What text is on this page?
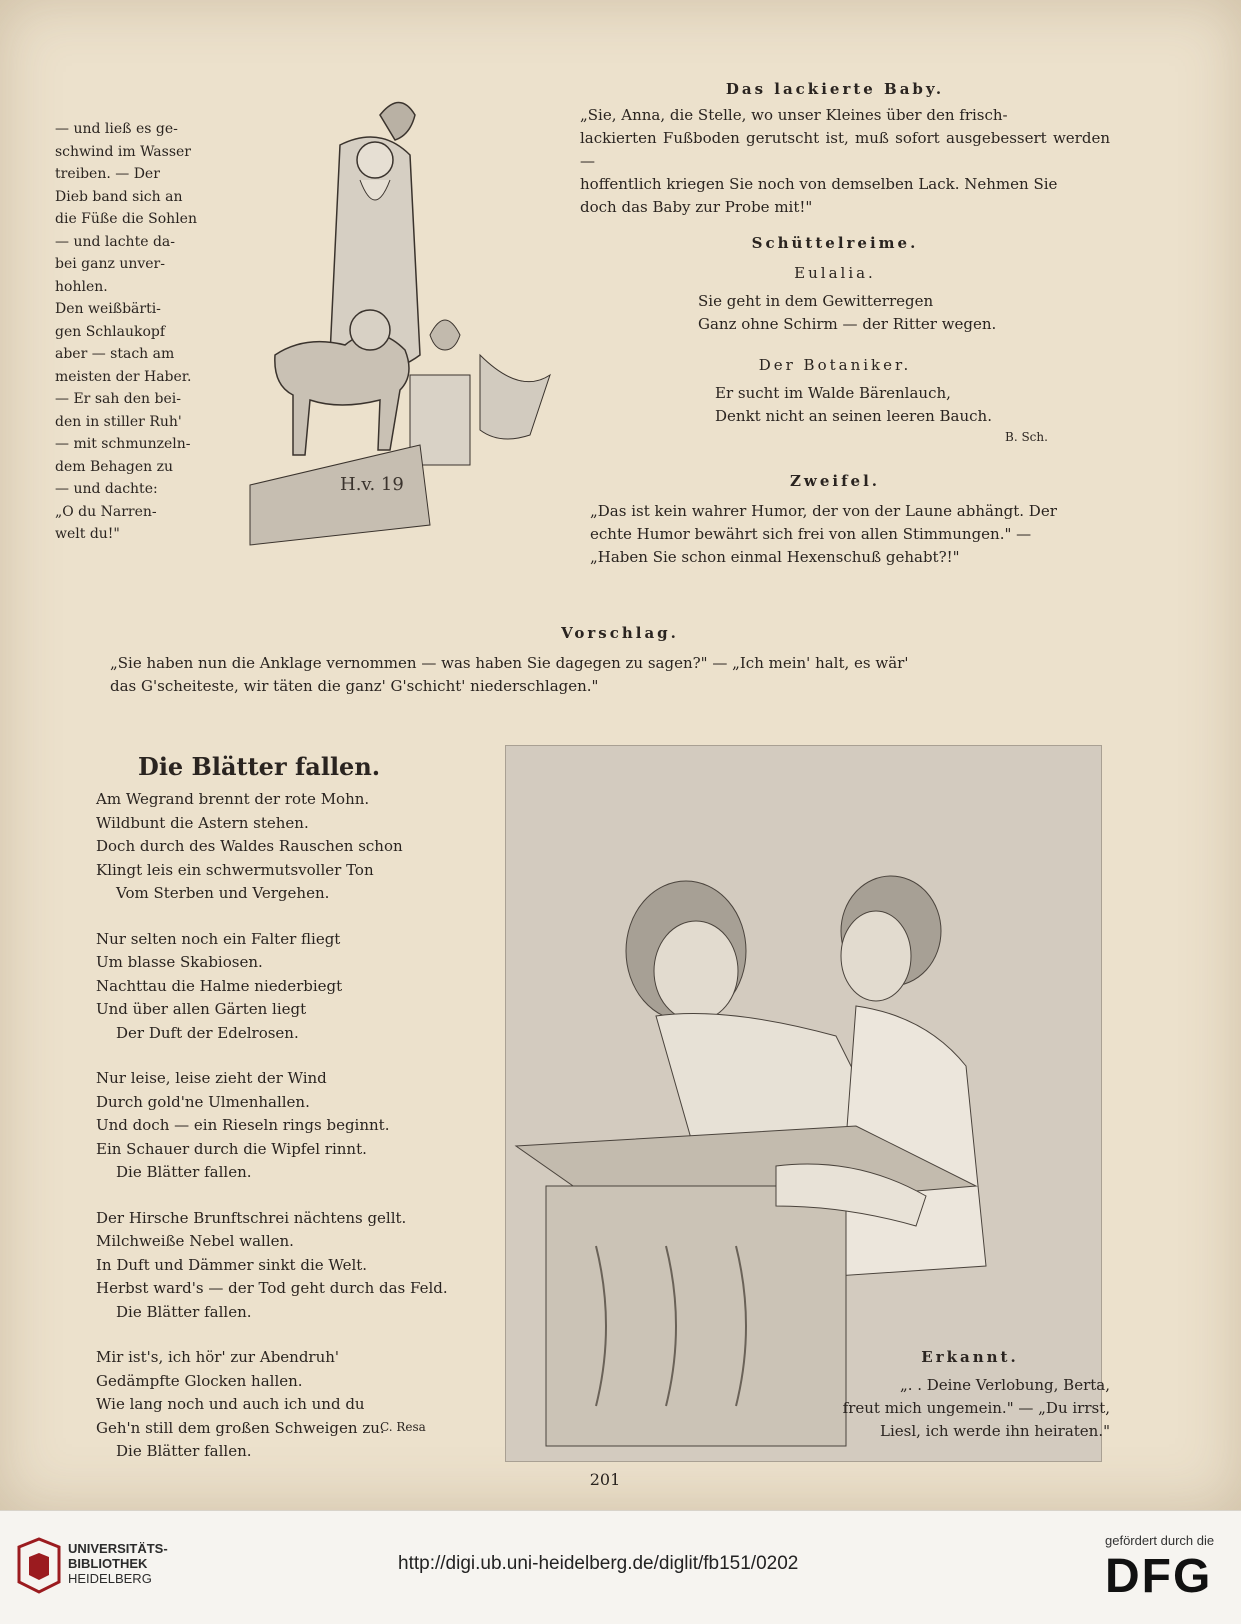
— und ließ es ge-
schwind im Wasser
treiben. — Der
Dieb band sich an
die Füße die Sohlen
— und lachte da-
bei ganz unver-
hohlen.
Den weißbärti-
gen Schlaukopf
aber — stach am
meisten der Haber.
— Er sah den bei-
den in stiller Ruh'
— mit schmunzeln-
dem Behagen zu
— und dachte:
„O du Narren-
welt du!"
H.v. 19
Das lackierte Baby.
„Sie, Anna, die Stelle, wo unser Kleines über den frisch-
lackierten Fußboden gerutscht ist, muß sofort ausgebessert werden —
hoffentlich kriegen Sie noch von demselben Lack. Nehmen Sie
doch das Baby zur Probe mit!"
Schüttelreime.
Eulalia.
Sie geht in dem Gewitterregen
Ganz ohne Schirm — der Ritter wegen.
Der Botaniker.
Er sucht im Walde Bärenlauch,
Denkt nicht an seinen leeren Bauch.
B. Sch.
Zweifel.
„Das ist kein wahrer Humor, der von der Laune abhängt. Der
echte Humor bewährt sich frei von allen Stimmungen." —
„Haben Sie schon einmal Hexenschuß gehabt?!"
Vorschlag.
„Sie haben nun die Anklage vernommen — was haben Sie dagegen zu sagen?" — „Ich mein' halt, es wär'
das G'scheiteste, wir täten die ganz' G'schicht' niederschlagen."
Die Blätter fallen.
Am Wegrand brennt der rote Mohn.
Wildbunt die Astern stehen.
Doch durch des Waldes Rauschen schon
Klingt leis ein schwermutsvoller Ton
Vom Sterben und Vergehen.
Nur selten noch ein Falter fliegt
Um blasse Skabiosen.
Nachttau die Halme niederbiegt
Und über allen Gärten liegt
Der Duft der Edelrosen.
Nur leise, leise zieht der Wind
Durch gold'ne Ulmenhallen.
Und doch — ein Rieseln rings beginnt.
Ein Schauer durch die Wipfel rinnt.
Die Blätter fallen.
Der Hirsche Brunftschrei nächtens gellt.
Milchweiße Nebel wallen.
In Duft und Dämmer sinkt die Welt.
Herbst ward's — der Tod geht durch das Feld.
Die Blätter fallen.
Mir ist's, ich hör' zur Abendruh'
Gedämpfte Glocken hallen.
Wie lang noch und auch ich und du
Geh'n still dem großen Schweigen zu.
Die Blätter fallen.
C. Resa
Erkannt.
„. . Deine Verlobung, Berta,
freut mich ungemein." — „Du irrst,
Liesl, ich werde ihn heiraten."
201
UNIVERSITÄTS-
BIBLIOTHEK
HEIDELBERG
http://digi.ub.uni-heidelberg.de/diglit/fb151/0202
gefördert durch die
DFG
